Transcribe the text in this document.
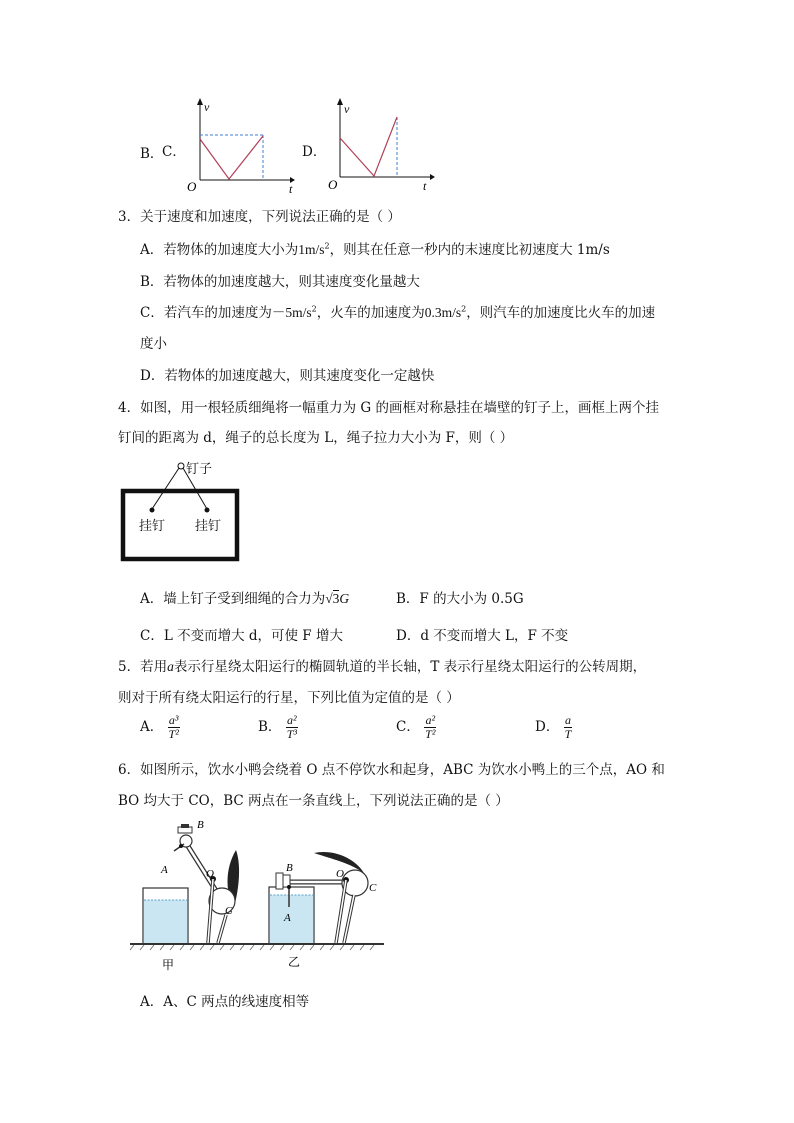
B．
C．
v
O	t
D．
v
O	t
3．关于速度和加速度，下列说法正确的是（ ）
A．若物体的加速度大小为$1m/s^2$，则其在任意一秒内的末速度比初速度大 1m/s
B．若物体的加速度越大，则其速度变化量越大
C．若汽车的加速度为$-5m/s^2$，火车的加速度为$0.3m/s^2$，则汽车的加速度比火车的加速
度小
D．若物体的加速度越大，则其速度变化一定越快
4．如图，用一根轻质细绳将一幅重力为 G 的画框对称悬挂在墙壁的钉子上，画框上两个挂
钉间的距离为 d，绳子的总长度为 L，绳子拉力大小为 F，则（ ）
钉子
挂钉 挂钉
A．墙上钉子受到细绳的合力为√3G	B．F 的大小为 0.5G
C．L 不变而增大 d，可使 F 增大	D．d 不变而增大 L，F 不变
5．若用a表示行星绕太阳运行的椭圆轨道的半长轴，T 表示行星绕太阳运行的公转周期，
则对于所有绕太阳运行的行星，下列比值为定值的是（ ）
A． $\frac{\text{a³}}{\text{T²}}$	B． $\frac{\text{a²}}{\text{T³}}$	C． $\frac{\text{a²}}{\text{T²}}$	D． $\frac{a}{T}$
6．如图所示，饮水小鸭会绕着 O 点不停饮水和起身，ABC 为饮水小鸭上的三个点，AO 和
BO 均大于 CO，BC 两点在一条直线上，下列说法正确的是（ ）
B
A	O
C
甲
B
A
O
C
乙
A．A、C 两点的线速度相等
